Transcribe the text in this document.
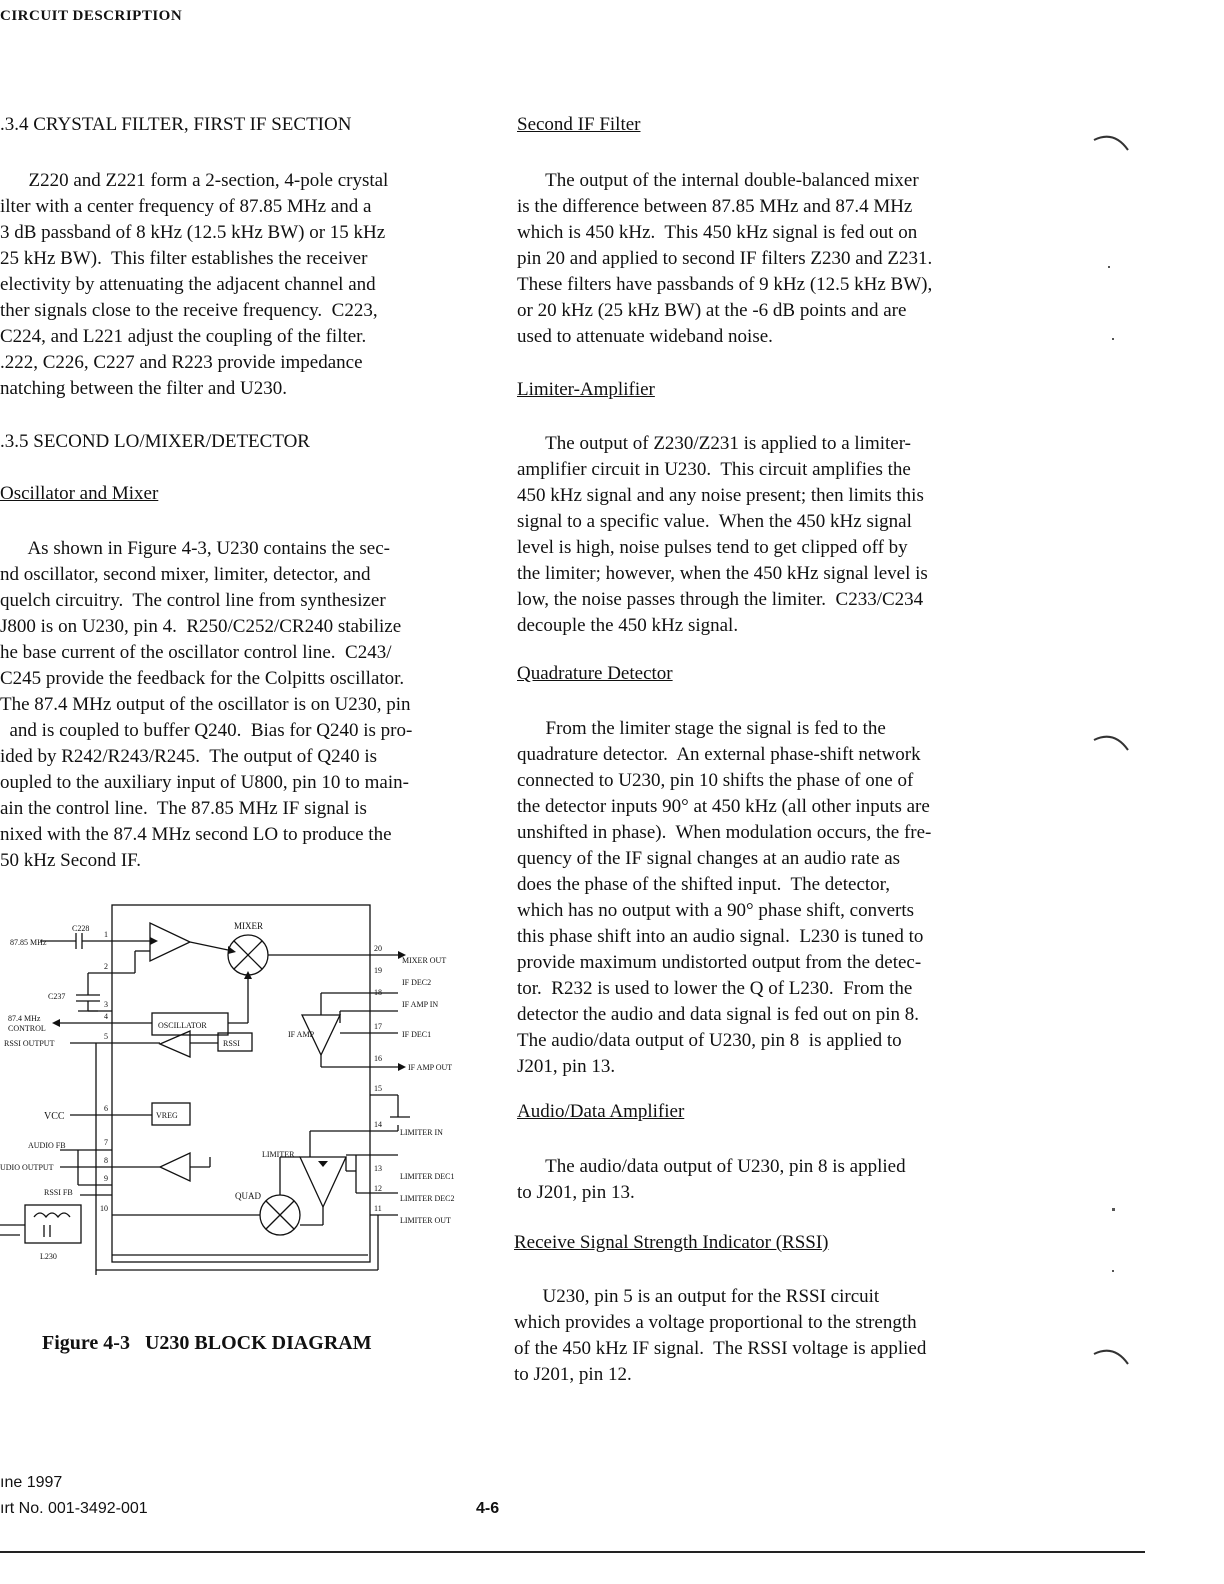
CIRCUIT DESCRIPTION
.3.4 CRYSTAL FILTER, FIRST IF SECTION
Z220 and Z221 form a 2-section, 4-pole crystal
ilter with a center frequency of 87.85 MHz and a
3 dB passband of 8 kHz (12.5 kHz BW) or 15 kHz
25 kHz BW).  This filter establishes the receiver
electivity by attenuating the adjacent channel and
ther signals close to the receive frequency.  C223,
C224, and L221 adjust the coupling of the filter.
.222, C226, C227 and R223 provide impedance
natching between the filter and U230.
.3.5 SECOND LO/MIXER/DETECTOR
Oscillator and Mixer
As shown in Figure 4-3, U230 contains the sec-
nd oscillator, second mixer, limiter, detector, and
quelch circuitry.  The control line from synthesizer
J800 is on U230, pin 4.  R250/C252/CR240 stabilize
he base current of the oscillator control line.  C243/
C245 provide the feedback for the Colpitts oscillator.
The 87.4 MHz output of the oscillator is on U230, pin
and is coupled to buffer Q240.  Bias for Q240 is pro-
ided by R242/R243/R245.  The output of Q240 is
oupled to the auxiliary input of U800, pin 10 to main-
ain the control line.  The 87.85 MHz IF signal is
nixed with the 87.4 MHz second LO to produce the
50 kHz Second IF.
MIXER
OSCILLATOR
RSSI
VREG
IF AMP
LIMITER
QUAD
87.85 MHz
C228
C237
87.4 MHz
CONTROL
RSSI OUTPUT
VCC
AUDIO FB
UDIO OUTPUT
RSSI FB
L230
MIXER OUT
IF DEC2
IF AMP IN
IF DEC1
IF AMP OUT
LIMITER IN
LIMITER DEC1
LIMITER DEC2
LIMITER OUT
1
2
3
4
5
6
7
8
9
10
20
19
18
17
16
15
14
13
12
11
Figure 4-3   U230 BLOCK DIAGRAM
Second IF Filter
The output of the internal double-balanced mixer
is the difference between 87.85 MHz and 87.4 MHz
which is 450 kHz.  This 450 kHz signal is fed out on
pin 20 and applied to second IF filters Z230 and Z231.
These filters have passbands of 9 kHz (12.5 kHz BW),
or 20 kHz (25 kHz BW) at the -6 dB points and are
used to attenuate wideband noise.
Limiter-Amplifier
The output of Z230/Z231 is applied to a limiter-
amplifier circuit in U230.  This circuit amplifies the
450 kHz signal and any noise present; then limits this
signal to a specific value.  When the 450 kHz signal
level is high, noise pulses tend to get clipped off by
the limiter; however, when the 450 kHz signal level is
low, the noise passes through the limiter.  C233/C234
decouple the 450 kHz signal.
Quadrature Detector
From the limiter stage the signal is fed to the
quadrature detector.  An external phase-shift network
connected to U230, pin 10 shifts the phase of one of
the detector inputs 90° at 450 kHz (all other inputs are
unshifted in phase).  When modulation occurs, the fre-
quency of the IF signal changes at an audio rate as
does the phase of the shifted input.  The detector,
which has no output with a 90° phase shift, converts
this phase shift into an audio signal.  L230 is tuned to
provide maximum undistorted output from the detec-
tor.  R232 is used to lower the Q of L230.  From the
detector the audio and data signal is fed out on pin 8.
The audio/data output of U230, pin 8  is applied to
J201, pin 13.
Audio/Data Amplifier
The audio/data output of U230, pin 8 is applied
to J201, pin 13.
Receive Signal Strength Indicator (RSSI)
U230, pin 5 is an output for the RSSI circuit
which provides a voltage proportional to the strength
of the 450 kHz IF signal.  The RSSI voltage is applied
to J201, pin 12.
ıne 1997
ırt No. 001-3492-001	4-6
